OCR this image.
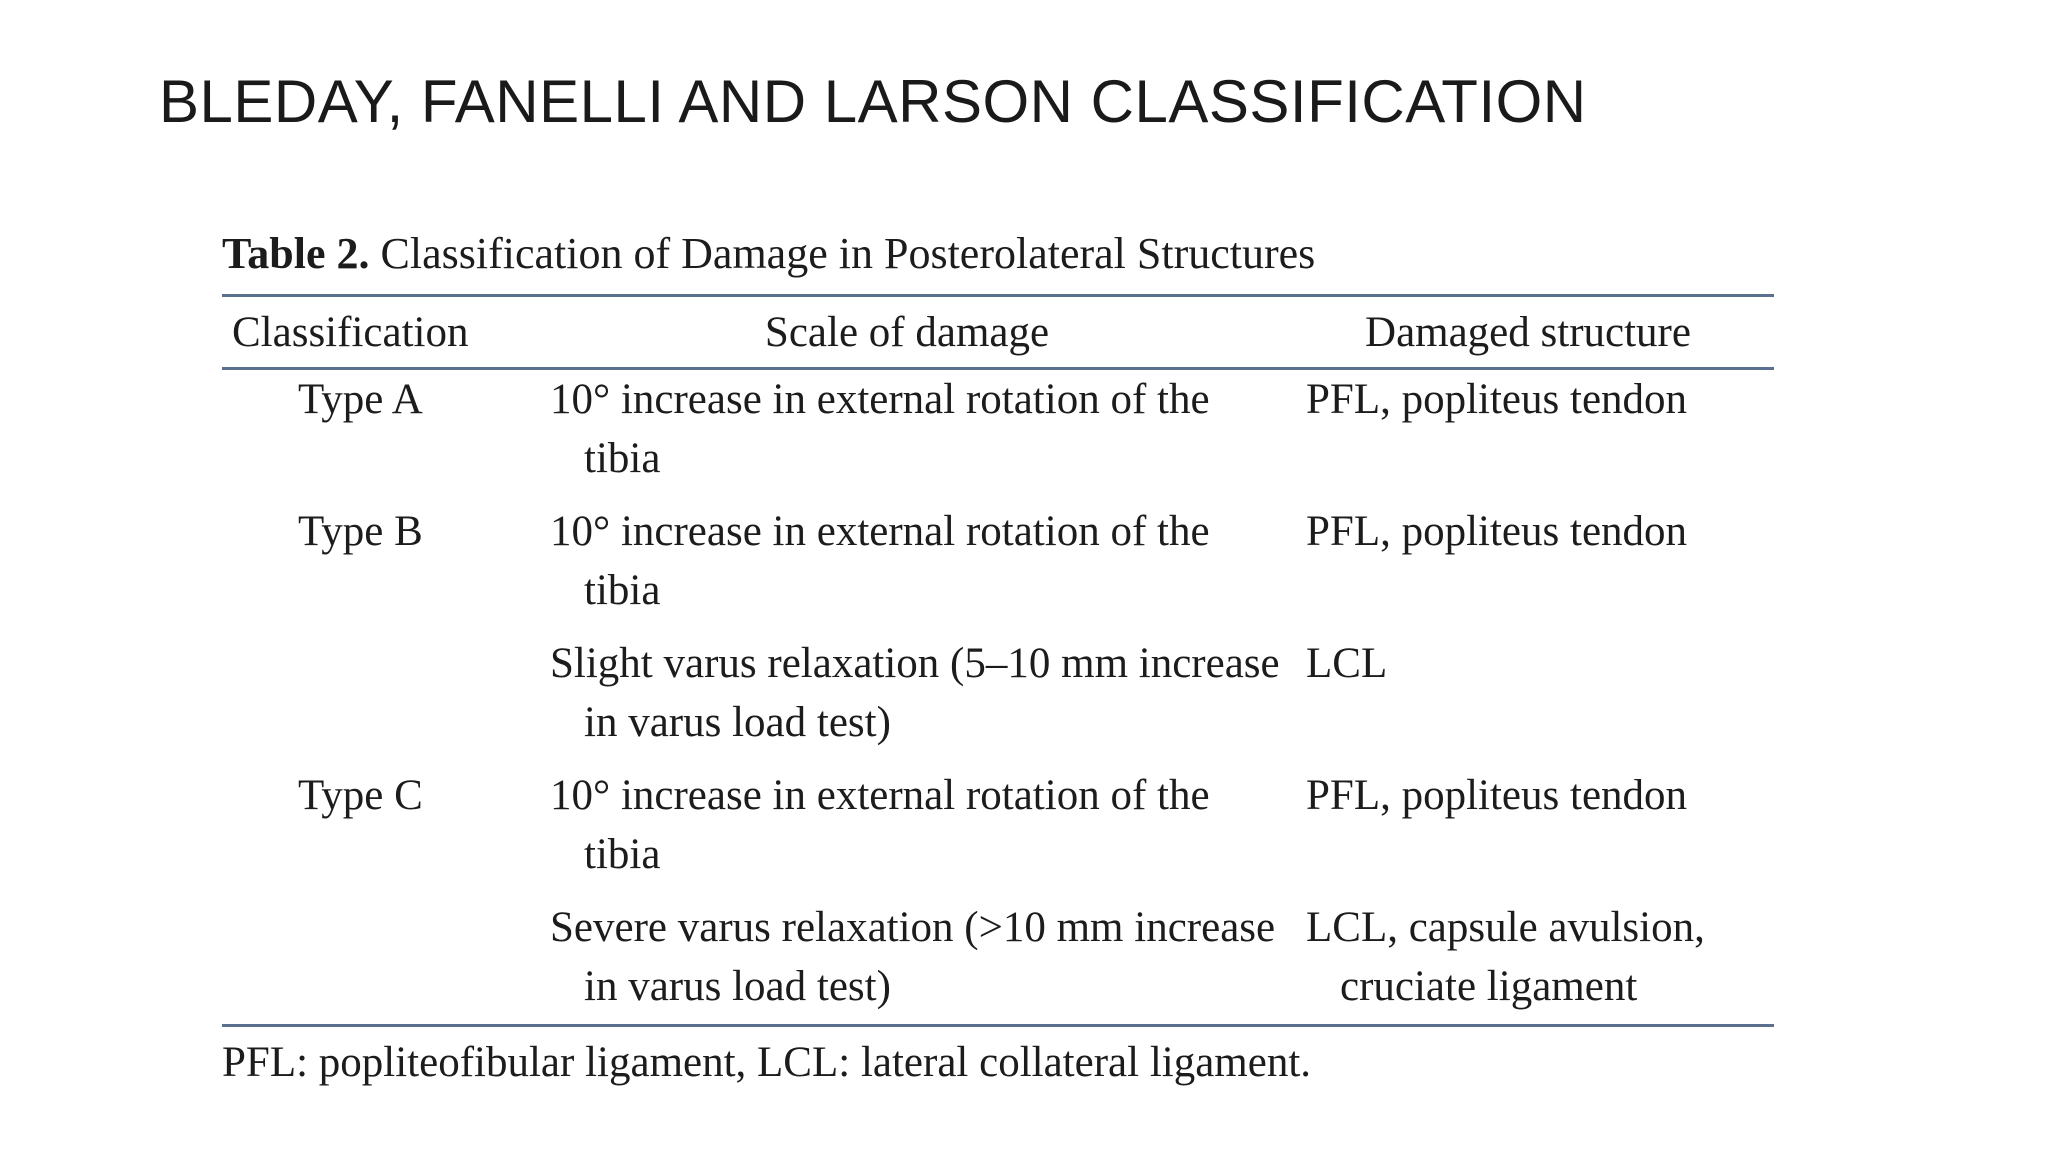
BLEDAY, FANELLI AND LARSON CLASSIFICATION
Table 2. Classification of Damage in Posterolateral Structures
Classification	Scale of damage	Damaged structure
Type A	10° increase in external rotation of the tibia	PFL, popliteus tendon

Type B	10° increase in external rotation of the tibia	PFL, popliteus tendon

	Slight varus relaxation (5–10 mm increase in varus load test)	LCL

Type C	10° increase in external rotation of the tibia	PFL, popliteus tendon

	Severe varus relaxation (>10 mm increase in varus load test)	LCL, capsule avulsion, cruciate ligament
PFL: popliteofibular ligament, LCL: lateral collateral ligament.
